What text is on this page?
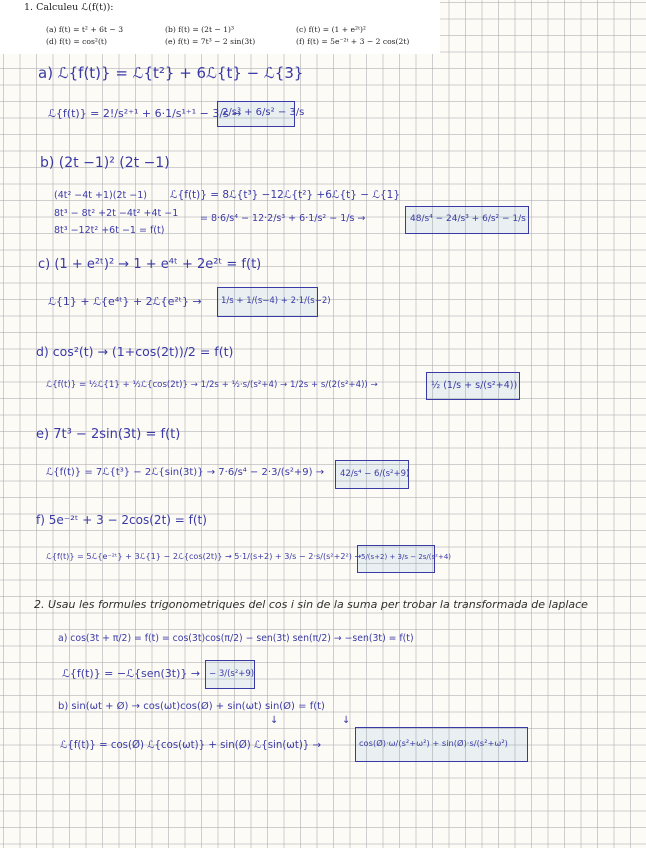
1. Calculeu ℒ(f(t)):
(a) f(t) = t² + 6t − 3	(b) f(t) = (2t − 1)³	(c) f(t) = (1 + e²ᵗ)²
(d) f(t) = cos²(t)	(e) f(t) = 7t³ − 2 sin(3t)	(f) f(t) = 5e⁻²ᵗ + 3 − 2 cos(2t)
a) ℒ{f(t)} = ℒ{t²} + 6ℒ{t} − ℒ{3}
ℒ{f(t)} = 2!/s²⁺¹ + 6·1/s¹⁺¹ − 3/s →
2/s³ + 6/s² − 3/s
b) (2t −1)² (2t −1)
(4t² −4t +1)(2t −1)
8t³ − 8t² +2t −4t² +4t −1
8t³ −12t² +6t −1 = f(t)
ℒ{f(t)} = 8ℒ{t³} −12ℒ{t²} +6ℒ{t} − ℒ{1}
= 8·6/s⁴ − 12·2/s³ + 6·1/s² − 1/s →	48/s⁴ − 24/s³ + 6/s² − 1/s
c) (1 + e²ᵗ)² → 1 + e⁴ᵗ + 2e²ᵗ = f(t)
ℒ{1} + ℒ{e⁴ᵗ} + 2ℒ{e²ᵗ} → 1/s + 1/(s−4) + 2·1/(s−2)
d) cos²(t) → (1+cos(2t))/2 = f(t)
ℒ{f(t)} = ½ℒ{1} + ½ℒ{cos(2t)} → 1/2s + ½·s/(s²+4) → 1/2s + s/(2(s²+4)) →	½ (1/s + s/(s²+4))
e) 7t³ − 2sin(3t) = f(t)
ℒ{f(t)} = 7ℒ{t³} − 2ℒ{sin(3t)} → 7·6/s⁴ − 2·3/(s²+9) → 42/s⁴ − 6/(s²+9)
f) 5e⁻²ᵗ + 3 − 2cos(2t) = f(t)
ℒ{f(t)} = 5ℒ{e⁻²ᵗ} + 3ℒ{1} − 2ℒ{cos(2t)} → 5·1/(s+2) + 3/s − 2·s/(s²+2²) → 5/(s+2) + 3/s − 2s/(s²+4)
2. Usau les formules trigonometriques del cos i sin de la suma per trobar la transformada de laplace
a) cos(3t + π/2) = f(t) = cos(3t)cos(π/2) − sen(3t) sen(π/2) → −sen(3t) = f(t)
ℒ{f(t)} = −ℒ{sen(3t)} → − 3/(s²+9)
b) sin(ωt + Ø) → cos(ωt)cos(Ø) + sin(ωt) sin(Ø) = f(t)
↓	↓
ℒ{f(t)} = cos(Ø) ℒ{cos(ωt)} + sin(Ø) ℒ{sin(ωt)} →	cos(Ø)·ω/(s²+ω²) + sin(Ø)·s/(s²+ω²)
